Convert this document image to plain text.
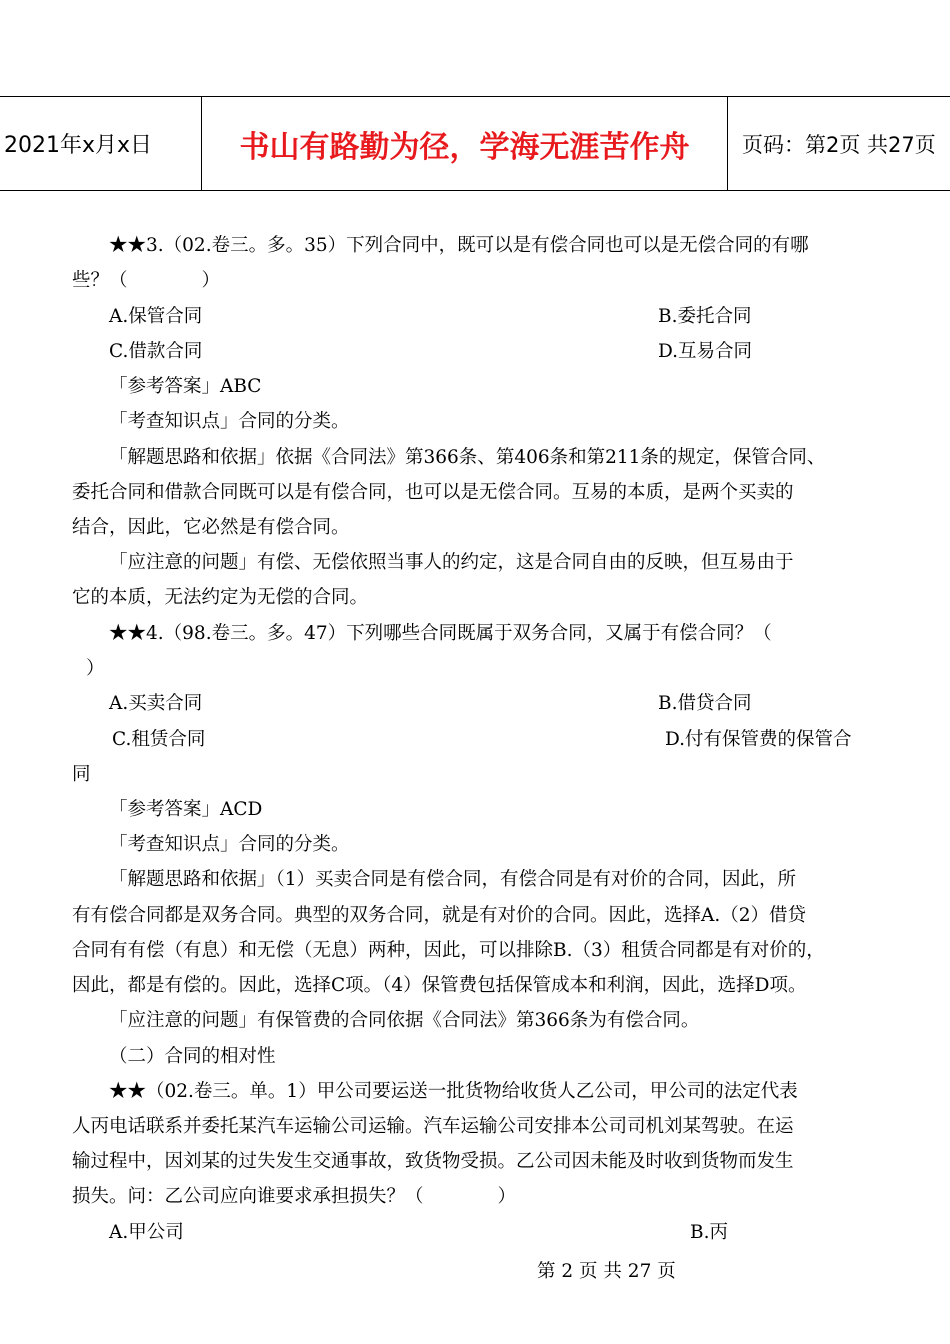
2021年x月x日	书山有路勤为径，学海无涯苦作舟	页码：第2页 共27页
★★3.（02.卷三。多。35）下列合同中，既可以是有偿合同也可以是无偿合同的有哪
些？（　　　　）
A.保管合同	B.委托合同
C.借款合同	D.互易合同
「参考答案」ABC
「考查知识点」合同的分类。
「解题思路和依据」依据《合同法》第366条、第406条和第211条的规定，保管合同、
委托合同和借款合同既可以是有偿合同，也可以是无偿合同。互易的本质，是两个买卖的
结合，因此，它必然是有偿合同。
「应注意的问题」有偿、无偿依照当事人的约定，这是合同自由的反映，但互易由于
它的本质，无法约定为无偿的合同。
★★4.（98.卷三。多。47）下列哪些合同既属于双务合同，又属于有偿合同？（
）
A.买卖合同	B.借贷合同
C.租赁合同	D.付有保管费的保管合
同
「参考答案」ACD
「考查知识点」合同的分类。
「解题思路和依据」（1）买卖合同是有偿合同，有偿合同是有对价的合同，因此，所
有有偿合同都是双务合同。典型的双务合同，就是有对价的合同。因此，选择A.（2）借贷
合同有有偿（有息）和无偿（无息）两种，因此，可以排除B.（3）租赁合同都是有对价的，
因此，都是有偿的。因此，选择C项。（4）保管费包括保管成本和利润，因此，选择D项。
「应注意的问题」有保管费的合同依据《合同法》第366条为有偿合同。
（二）合同的相对性
★★（02.卷三。单。1）甲公司要运送一批货物给收货人乙公司，甲公司的法定代表
人丙电话联系并委托某汽车运输公司运输。汽车运输公司安排本公司司机刘某驾驶。在运
输过程中，因刘某的过失发生交通事故，致货物受损。乙公司因未能及时收到货物而发生
损失。问：乙公司应向谁要求承担损失？（　　　　）
A.甲公司	B.丙
第 2 页 共 27 页
